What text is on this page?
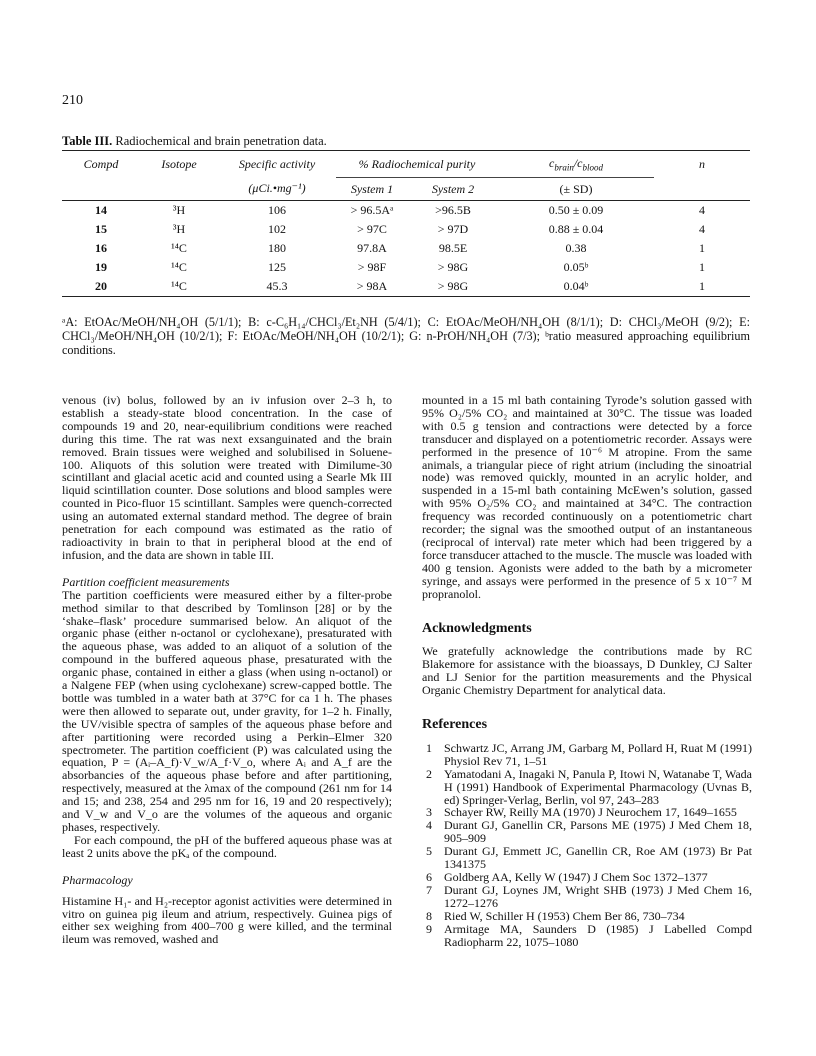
210
Table III. Radiochemical and brain penetration data.
Compd	Isotope	Specific activity	% Radiochemical purity		$c_{brain}/c_{blood}$	n
		(μCi.•mg⁻¹)	System 1	System 2	(± SD)	
14	³H	106	> 96.5Aᵃ	>96.5B	0.50 ± 0.09	4
15	³H	102	> 97C	> 97D	0.88 ± 0.04	4
16	¹⁴C	180	97.8A	98.5E	0.38	1
19	¹⁴C	125	> 98F	> 98G	0.05ᵇ	1
20	¹⁴C	45.3	> 98A	> 98G	0.04ᵇ	1
ᵃA: EtOAc/MeOH/NH₄OH (5/1/1); B: c-C₆H₁₄/CHCl₃/Et₂NH (5/4/1); C: EtOAc/MeOH/NH₄OH (8/1/1); D: CHCl₃/MeOH (9/2); E: CHCl₃/MeOH/NH₄OH (10/2/1); F: EtOAc/MeOH/NH₄OH (10/2/1); G: n-PrOH/NH₄OH (7/3); ᵇratio measured approaching equilibrium conditions.

venous (iv) bolus, followed by an iv infusion over 2–3 h, to establish a steady-state blood concentration. In the case of compounds 19 and 20, near-equilibrium conditions were reached during this time. The rat was next exsanguinated and the brain removed. Brain tissues were weighed and solubilised in Soluene-100. Aliquots of this solution were treated with Dimilume-30 scintillant and glacial acetic acid and counted using a Searle Mk III liquid scintillation counter. Dose solutions and blood samples were counted in Pico-fluor 15 scintillant. Samples were quench-corrected using an automated external standard method. The degree of brain penetration for each compound was estimated as the ratio of radioactivity in brain to that in peripheral blood at the end of infusion, and the data are shown in table III.

Partition coefficient measurements

The partition coefficients were measured either by a filter-probe method similar to that described by Tomlinson [28] or by the ‘shake–flask’ procedure summarised below. An aliquot of the organic phase (either n-octanol or cyclohexane), presaturated with the aqueous phase, was added to an aliquot of a solution of the compound in the buffered aqueous phase, presaturated with the organic phase, contained in either a glass (when using n-octanol) or a Nalgene FEP (when using cyclohexane) screw-capped bottle. The bottle was tumbled in a water bath at 37°C for ca 1 h. The phases were then allowed to separate out, under gravity, for 1–2 h. Finally, the UV/visible spectra of samples of the aqueous phase before and after partitioning were recorded using a Perkin–Elmer 320 spectrometer. The partition coefficient (P) was calculated using the equation, P = (Aᵢ–A_f)·V_w/A_f·V_o, where Aᵢ and A_f are the absorbancies of the aqueous phase before and after partitioning, respectively, measured at the λmax of the compound (261 nm for 14 and 15; and 238, 254 and 295 nm for 16, 19 and 20 respectively); and V_w and V_o are the volumes of the aqueous and organic phases, respectively.

For each compound, the pH of the buffered aqueous phase was at least 2 units above the pKₐ of the compound.

Pharmacology

Histamine H₁- and H₂-receptor agonist activities were determined in vitro on guinea pig ileum and atrium, respectively. Guinea pigs of either sex weighing from 400–700 g were killed, and the terminal ileum was removed, washed and

mounted in a 15 ml bath containing Tyrode’s solution gassed with 95% O₂/5% CO₂ and maintained at 30°C. The tissue was loaded with 0.5 g tension and contractions were detected by a force transducer and displayed on a potentiometric recorder. Assays were performed in the presence of 10⁻⁶ M atropine. From the same animals, a triangular piece of right atrium (including the sinoatrial node) was removed quickly, mounted in an acrylic holder, and suspended in a 15-ml bath containing McEwen’s solution, gassed with 95% O₂/5% CO₂ and maintained at 34°C. The contraction frequency was recorded continuously on a potentiometric chart recorder; the signal was the smoothed output of an instantaneous (reciprocal of interval) rate meter which had been triggered by a force transducer attached to the muscle. The muscle was loaded with 400 g tension. Agonists were added to the bath by a micrometer syringe, and assays were performed in the presence of 5 x 10⁻⁷ M propranolol.

Acknowledgments

We gratefully acknowledge the contributions made by RC Blakemore for assistance with the bioassays, D Dunkley, CJ Salter and LJ Senior for the partition measurements and the Physical Organic Chemistry Department for analytical data.

References
1 Schwartz JC, Arrang JM, Garbarg M, Pollard H, Ruat M (1991) Physiol Rev 71, 1–51
2 Yamatodani A, Inagaki N, Panula P, Itowi N, Watanabe T, Wada H (1991) Handbook of Experimental Pharmacology (Uvnas B, ed) Springer-Verlag, Berlin, vol 97, 243–283
3 Schayer RW, Reilly MA (1970) J Neurochem 17, 1649–1655
4 Durant GJ, Ganellin CR, Parsons ME (1975) J Med Chem 18, 905–909
5 Durant GJ, Emmett JC, Ganellin CR, Roe AM (1973) Br Pat 1341375
6 Goldberg AA, Kelly W (1947) J Chem Soc 1372–1377
7 Durant GJ, Loynes JM, Wright SHB (1973) J Med Chem 16, 1272–1276
8 Ried W, Schiller H (1953) Chem Ber 86, 730–734
9 Armitage MA, Saunders D (1985) J Labelled Compd Radiopharm 22, 1075–1080
